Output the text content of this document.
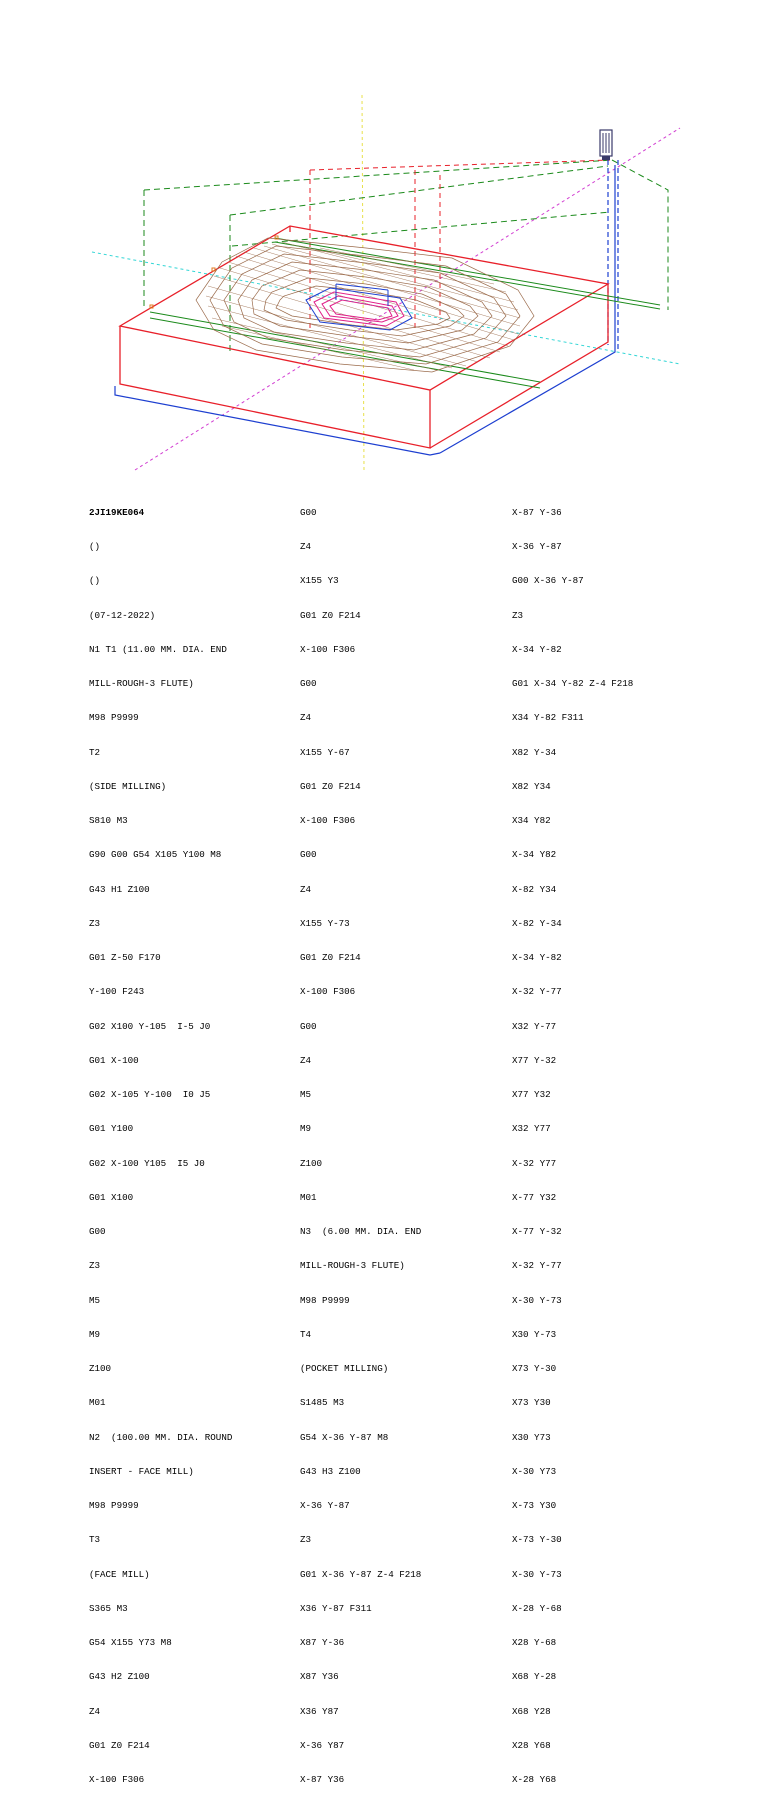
2JI19KE064

()

()

(07-12-2022)

N1 T1 (11.00 MM. DIA. END

MILL-ROUGH-3 FLUTE)

M98 P9999

T2

(SIDE MILLING)

S810 M3

G90 G00 G54 X105 Y100 M8

G43 H1 Z100

Z3

G01 Z-50 F170

Y-100 F243

G02 X100 Y-105  I-5 J0

G01 X-100

G02 X-105 Y-100  I0 J5

G01 Y100

G02 X-100 Y105  I5 J0

G01 X100

G00

Z3

M5

M9

Z100

M01

N2  (100.00 MM. DIA. ROUND

INSERT - FACE MILL)

M98 P9999

T3

(FACE MILL)

S365 M3

G54 X155 Y73 M8

G43 H2 Z100

Z4

G01 Z0 F214

X-100 F306

G00

Z4

X155 Y3

G01 Z0 F214

X-100 F306

G00

Z4

X155 Y-67

G01 Z0 F214

X-100 F306

G00

Z4

X155 Y-73

G01 Z0 F214

X-100 F306

G00

Z4

M5

M9

Z100

M01

N3  (6.00 MM. DIA. END

MILL-ROUGH-3 FLUTE)

M98 P9999

T4

(POCKET MILLING)

S1485 M3

G54 X-36 Y-87 M8

G43 H3 Z100

X-36 Y-87

Z3

G01 X-36 Y-87 Z-4 F218

X36 Y-87 F311

X87 Y-36

X87 Y36

X36 Y87

X-36 Y87

X-87 Y36

X-87 Y-36

X-36 Y-87

G00 X-36 Y-87

Z3

X-34 Y-82

G01 X-34 Y-82 Z-4 F218

X34 Y-82 F311

X82 Y-34

X82 Y34

X34 Y82

X-34 Y82

X-82 Y34

X-82 Y-34

X-34 Y-82

X-32 Y-77

X32 Y-77

X77 Y-32

X77 Y32

X32 Y77

X-32 Y77

X-77 Y32

X-77 Y-32

X-32 Y-77

X-30 Y-73

X30 Y-73

X73 Y-30

X73 Y30

X30 Y73

X-30 Y73

X-73 Y30

X-73 Y-30

X-30 Y-73

X-28 Y-68

X28 Y-68

X68 Y-28

X68 Y28

X28 Y68

X-28 Y68
